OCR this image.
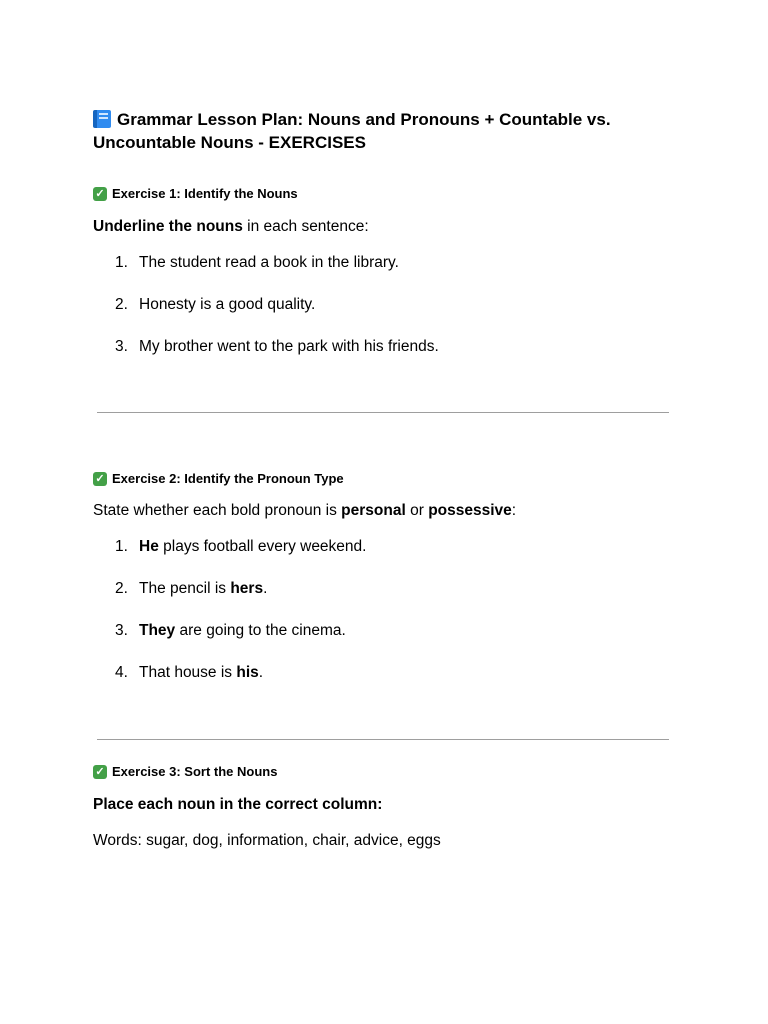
Grammar Lesson Plan: Nouns and Pronouns + Countable vs. Uncountable Nouns - EXERCISES

✓ Exercise 1: Identify the Nouns

Underline the nouns in each sentence:

1. The student read a book in the library.
2. Honesty is a good quality.
3. My brother went to the park with his friends.

✓ Exercise 2: Identify the Pronoun Type

State whether each bold pronoun is personal or possessive:

1. He plays football every weekend.
2. The pencil is hers.
3. They are going to the cinema.
4. That house is his.

✓ Exercise 3: Sort the Nouns

Place each noun in the correct column:

Words: sugar, dog, information, chair, advice, eggs
